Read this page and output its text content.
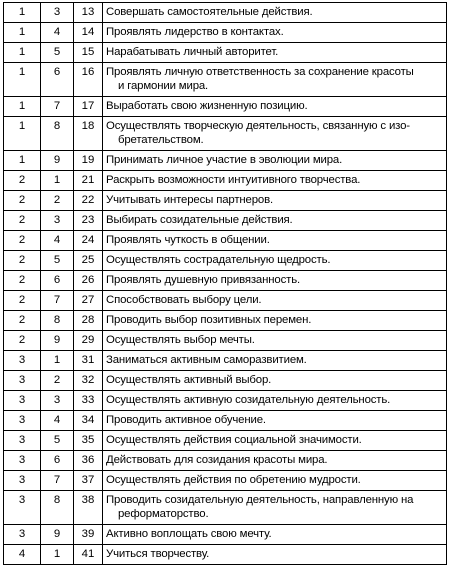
1	3	13	Совершать самостоятельные действия.

1	4	14	Проявлять лидерство в контактах.

1	5	15	Нарабатывать личный авторитет.

1	6	16	Проявлять личную ответственность за сохранение красоты
и гармонии мира.

1	7	17	Выработать свою жизненную позицию.

1	8	18	Осуществлять творческую деятельность, связанную с изо-
бретательством.

1	9	19	Принимать личное участие в эволюции мира.

2	1	21	Раскрыть возможности интуитивного творчества.

2	2	22	Учитывать интересы партнеров.

2	3	23	Выбирать созидательные действия.

2	4	24	Проявлять чуткость в общении.

2	5	25	Осуществлять сострадательную щедрость.

2	6	26	Проявлять душевную привязанность.

2	7	27	Способствовать выбору цели.

2	8	28	Проводить выбор позитивных перемен.

2	9	29	Осуществлять выбор мечты.

3	1	31	Заниматься активным саморазвитием.

3	2	32	Осуществлять активный выбор.

3	3	33	Осуществлять активную созидательную деятельность.

3	4	34	Проводить активное обучение.

3	5	35	Осуществлять действия социальной значимости.

3	6	36	Действовать для созидания красоты мира.

3	7	37	Осуществлять действия по обретению мудрости.

3	8	38	Проводить созидательную деятельность, направленную на
реформаторство.

3	9	39	Активно воплощать свою мечту.

4	1	41	Учиться творчеству.
